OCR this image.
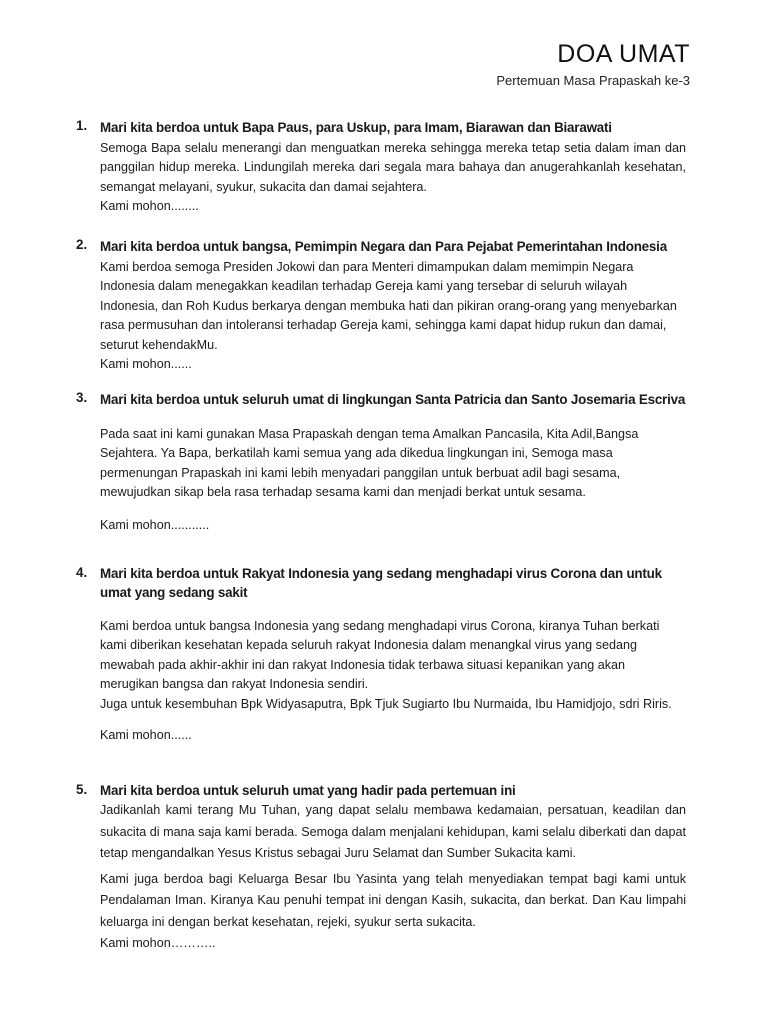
DOA UMAT
Pertemuan Masa Prapaskah ke-3
1. Mari kita berdoa untuk Bapa Paus, para Uskup, para Imam, Biarawan dan Biarawati

Semoga Bapa selalu menerangi dan menguatkan mereka sehingga mereka tetap setia dalam iman dan panggilan hidup mereka. Lindungilah mereka dari segala mara bahaya dan anugerahkanlah kesehatan, semangat melayani, syukur, sukacita dan damai sejahtera.

Kami mohon........
2. Mari kita berdoa untuk bangsa, Pemimpin Negara dan Para Pejabat Pemerintahan Indonesia

Kami berdoa semoga Presiden Jokowi dan para Menteri dimampukan dalam memimpin Negara Indonesia dalam menegakkan keadilan terhadap Gereja kami yang tersebar di seluruh wilayah Indonesia, dan Roh Kudus berkarya dengan membuka hati dan pikiran orang-orang yang menyebarkan rasa permusuhan dan intoleransi terhadap Gereja kami, sehingga kami dapat hidup rukun dan damai, seturut kehendakMu.

Kami mohon......
3. Mari kita berdoa untuk seluruh umat di lingkungan Santa Patricia dan Santo Josemaria Escriva

Pada saat ini kami gunakan Masa Prapaskah dengan tema Amalkan Pancasila, Kita Adil,Bangsa Sejahtera. Ya Bapa, berkatilah kami semua yang ada dikedua lingkungan ini, Semoga masa permenungan Prapaskah ini kami lebih menyadari panggilan untuk berbuat adil bagi sesama, mewujudkan sikap bela rasa terhadap sesama kami dan menjadi berkat untuk sesama.

Kami mohon...........
4. Mari kita berdoa untuk Rakyat Indonesia yang sedang menghadapi virus Corona dan untuk umat yang sedang sakit

Kami berdoa untuk bangsa Indonesia yang sedang menghadapi virus Corona, kiranya Tuhan berkati kami diberikan kesehatan kepada seluruh rakyat Indonesia dalam menangkal virus yang sedang mewabah pada akhir-akhir ini dan rakyat Indonesia tidak terbawa situasi kepanikan yang akan merugikan bangsa dan rakyat Indonesia sendiri.

Juga untuk kesembuhan Bpk Widyasaputra, Bpk Tjuk Sugiarto Ibu Nurmaida, Ibu Hamidjojo, sdri Riris.

Kami mohon......
5. Mari kita berdoa untuk seluruh umat yang hadir pada pertemuan ini

Jadikanlah kami terang Mu Tuhan, yang dapat selalu membawa kedamaian, persatuan, keadilan dan sukacita di mana saja kami berada. Semoga dalam menjalani kehidupan, kami selalu diberkati dan dapat tetap mengandalkan Yesus Kristus sebagai Juru Selamat dan Sumber Sukacita kami.

Kami juga berdoa bagi Keluarga Besar Ibu Yasinta yang telah menyediakan tempat bagi kami untuk Pendalaman Iman. Kiranya Kau penuhi tempat ini dengan Kasih, sukacita, dan berkat. Dan Kau limpahi keluarga ini dengan berkat kesehatan, rejeki, syukur serta sukacita.

Kami mohon………..
